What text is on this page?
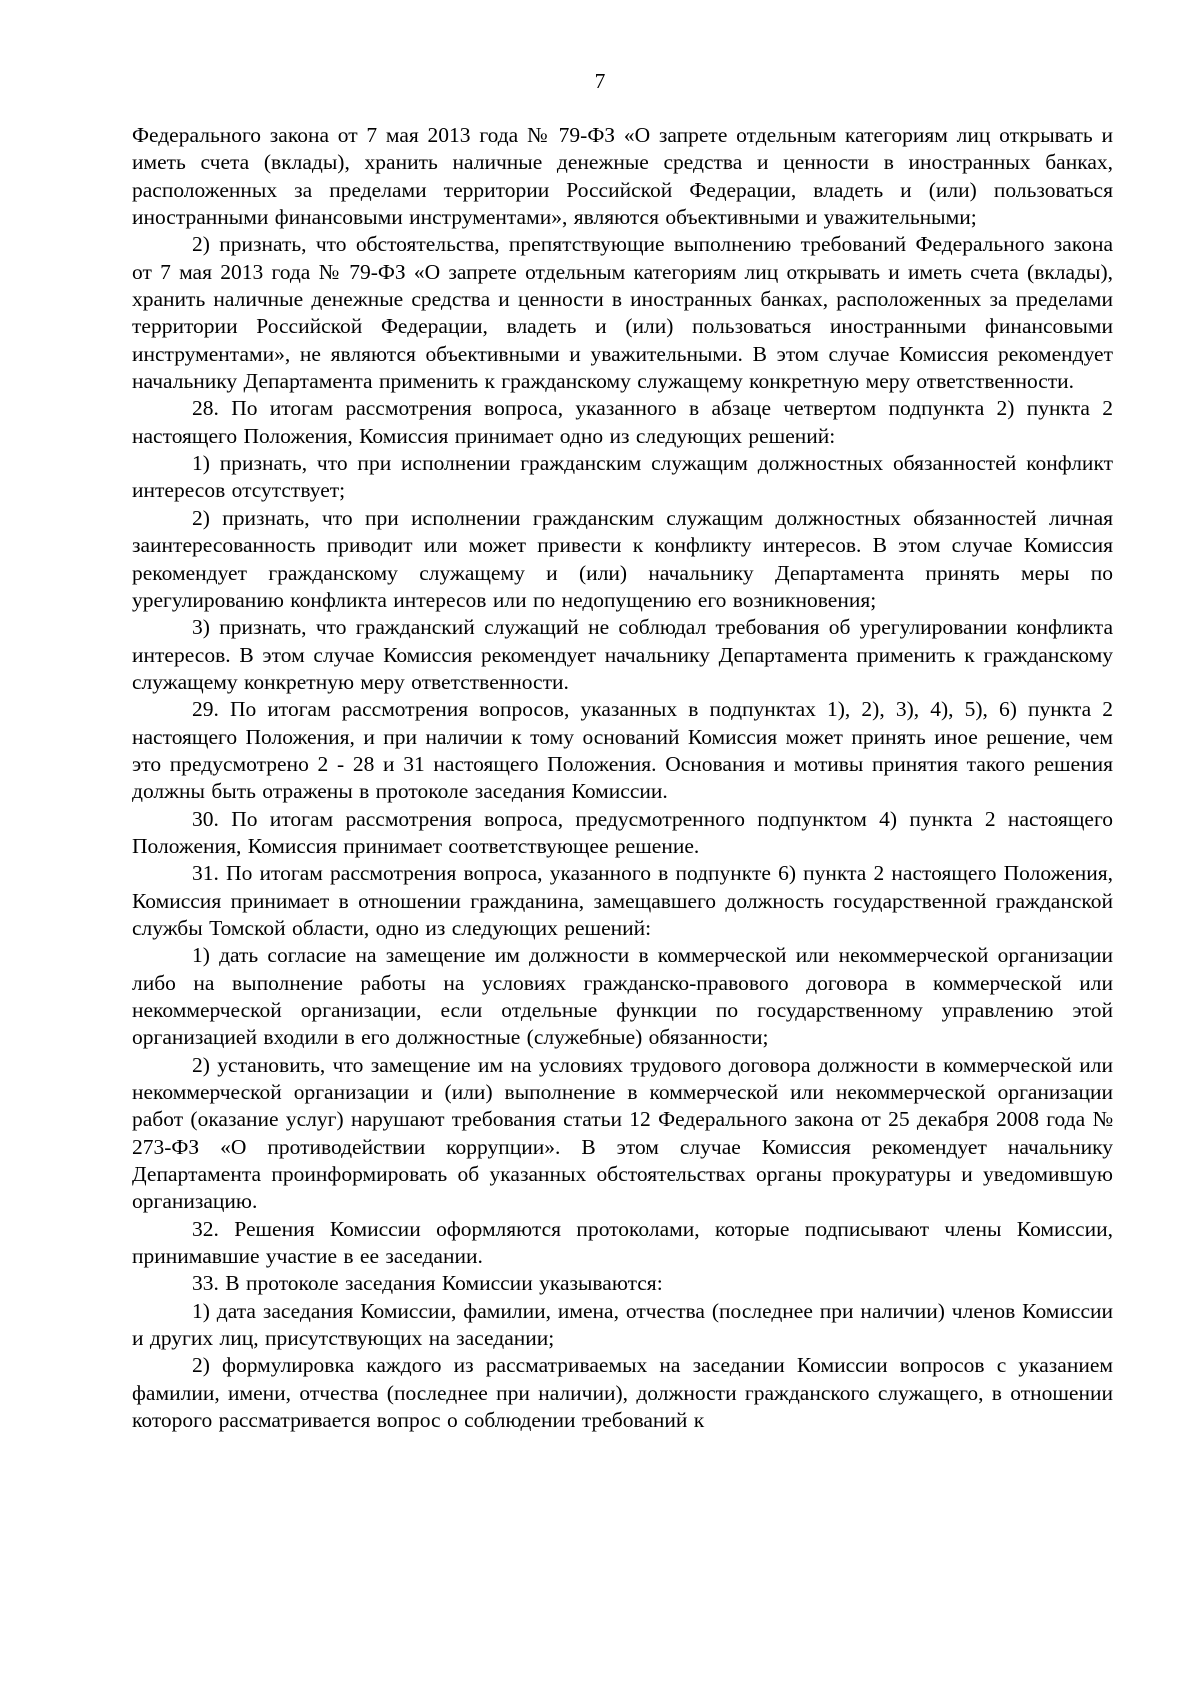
7

Федерального закона от 7 мая 2013 года № 79-ФЗ «О запрете отдельным категориям лиц открывать и иметь счета (вклады), хранить наличные денежные средства и ценности в иностранных банках, расположенных за пределами территории Российской Федерации, владеть и (или) пользоваться иностранными финансовыми инструментами», являются объективными и уважительными;

2) признать, что обстоятельства, препятствующие выполнению требований Федерального закона от 7 мая 2013 года № 79-ФЗ «О запрете отдельным категориям лиц открывать и иметь счета (вклады), хранить наличные денежные средства и ценности в иностранных банках, расположенных за пределами территории Российской Федерации, владеть и (или) пользоваться иностранными финансовыми инструментами», не являются объективными и уважительными. В этом случае Комиссия рекомендует начальнику Департамента применить к гражданскому служащему конкретную меру ответственности.

28. По итогам рассмотрения вопроса, указанного в абзаце четвертом подпункта 2) пункта 2 настоящего Положения, Комиссия принимает одно из следующих решений:

1) признать, что при исполнении гражданским служащим должностных обязанностей конфликт интересов отсутствует;

2) признать, что при исполнении гражданским служащим должностных обязанностей личная заинтересованность приводит или может привести к конфликту интересов. В этом случае Комиссия рекомендует гражданскому служащему и (или) начальнику Департамента принять меры по урегулированию конфликта интересов или по недопущению его возникновения;

3) признать, что гражданский служащий не соблюдал требования об урегулировании конфликта интересов. В этом случае Комиссия рекомендует начальнику Департамента применить к гражданскому служащему конкретную меру ответственности.

29. По итогам рассмотрения вопросов, указанных в подпунктах 1), 2), 3), 4), 5), 6) пункта 2 настоящего Положения, и при наличии к тому оснований Комиссия может принять иное решение, чем это предусмотрено 2 - 28 и 31 настоящего Положения. Основания и мотивы принятия такого решения должны быть отражены в протоколе заседания Комиссии.

30. По итогам рассмотрения вопроса, предусмотренного подпунктом 4) пункта 2 настоящего Положения, Комиссия принимает соответствующее решение.

31. По итогам рассмотрения вопроса, указанного в подпункте 6) пункта 2 настоящего Положения, Комиссия принимает в отношении гражданина, замещавшего должность государственной гражданской службы Томской области, одно из следующих решений:

1) дать согласие на замещение им должности в коммерческой или некоммерческой организации либо на выполнение работы на условиях гражданско-правового договора в коммерческой или некоммерческой организации, если отдельные функции по государственному управлению этой организацией входили в его должностные (служебные) обязанности;

2) установить, что замещение им на условиях трудового договора должности в коммерческой или некоммерческой организации и (или) выполнение в коммерческой или некоммерческой организации работ (оказание услуг) нарушают требования статьи 12 Федерального закона от 25 декабря 2008 года № 273-ФЗ «О противодействии коррупции». В этом случае Комиссия рекомендует начальнику Департамента проинформировать об указанных обстоятельствах органы прокуратуры и уведомившую организацию.

32. Решения Комиссии оформляются протоколами, которые подписывают члены Комиссии, принимавшие участие в ее заседании.

33. В протоколе заседания Комиссии указываются:

1) дата заседания Комиссии, фамилии, имена, отчества (последнее при наличии) членов Комиссии и других лиц, присутствующих на заседании;

2) формулировка каждого из рассматриваемых на заседании Комиссии вопросов с указанием фамилии, имени, отчества (последнее при наличии), должности гражданского служащего, в отношении которого рассматривается вопрос о соблюдении требований к
